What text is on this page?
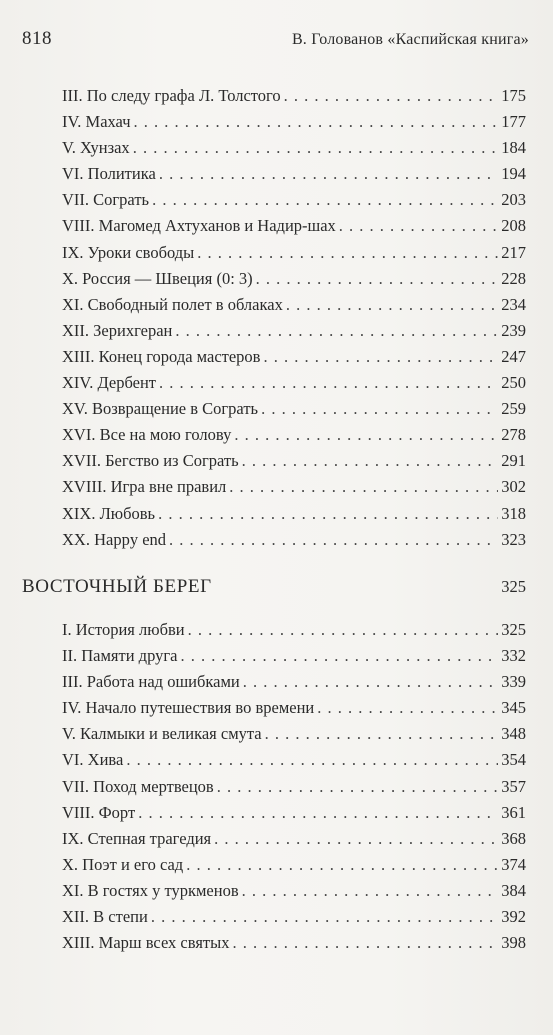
818	В. Голованов «Каспийская книга»
III. По следу графа Л. Толстого . . .	175
IV. Махач . . .	177
V. Хунзах . . .	184
VI. Политика . . .	194
VII. Сограть . . .	203
VIII. Магомед Ахтуханов и Надир-шах . . .	208
IX. Уроки свободы . . .	217
X. Россия — Швеция (0: 3) . . .	228
XI. Свободный полет в облаках . . .	234
XII. Зерихгеран . . .	239
XIII. Конец города мастеров . . .	247
XIV. Дербент . . .	250
XV. Возвращение в Сограть . . .	259
XVI. Все на мою голову . . .	278
XVII. Бегство из Сограть . . .	291
XVIII. Игра вне правил . . .	302
XIX. Любовь . . .	318
XX. Happy end . . .	323
ВОСТОЧНЫЙ БЕРЕГ	325
I. История любви . . .	325
II. Памяти друга . . .	332
III. Работа над ошибками . . .	339
IV. Начало путешествия во времени . . .	345
V. Калмыки и великая смута . . .	348
VI. Хива . . .	354
VII. Поход мертвецов . . .	357
VIII. Форт . . .	361
IX. Степная трагедия . . .	368
X. Поэт и его сад . . .	374
XI. В гостях у туркменов . . .	384
XII. В степи . . .	392
XIII. Марш всех святых . . .	398
